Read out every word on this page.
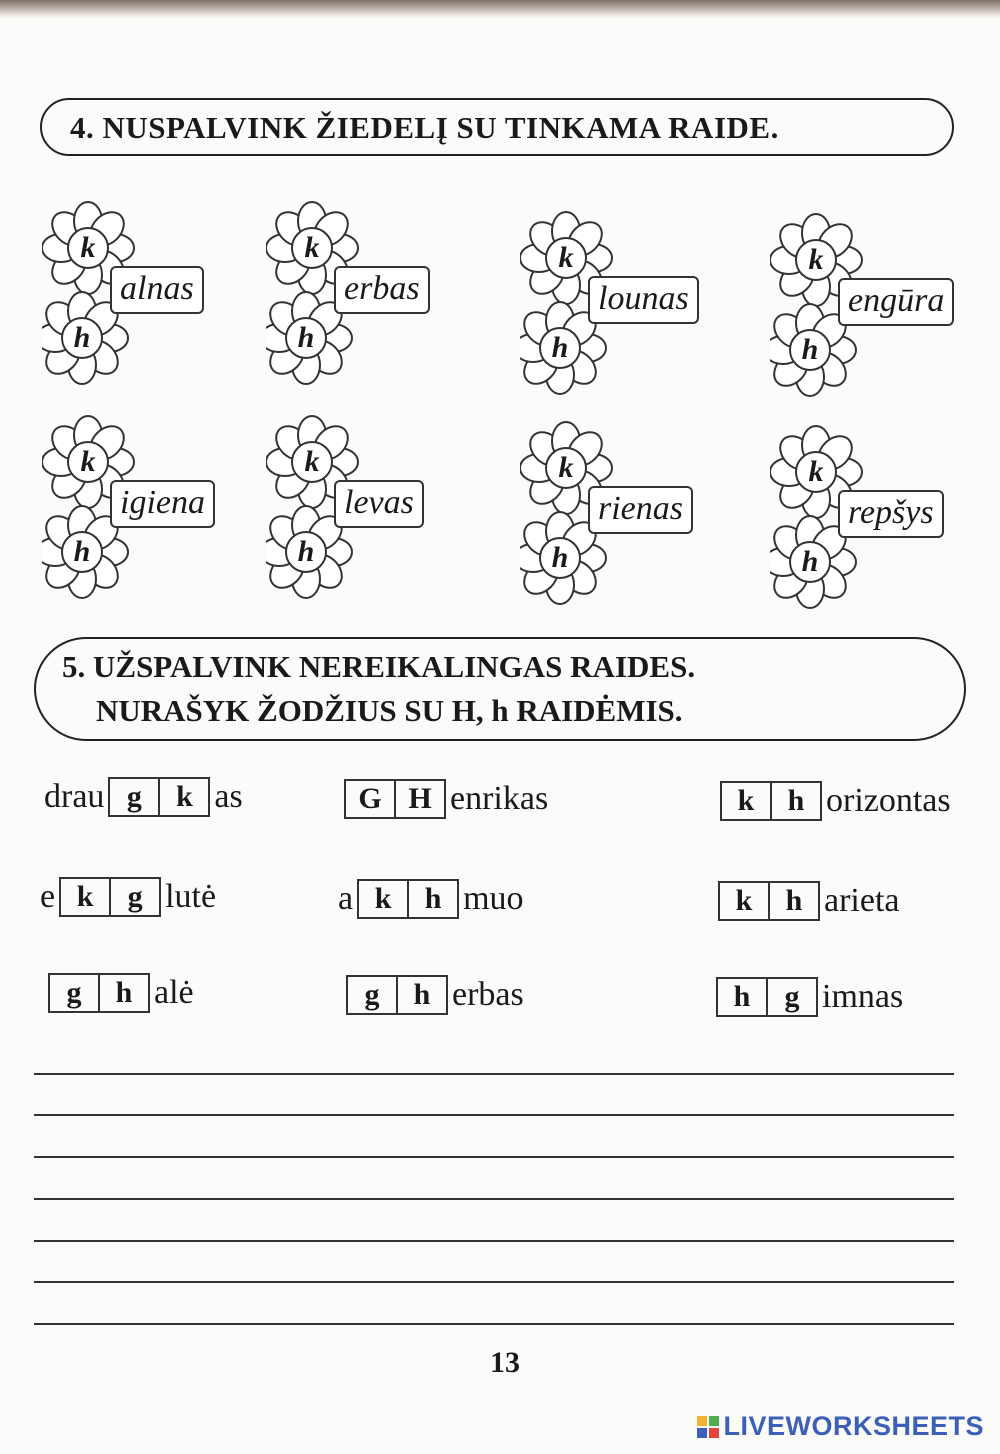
4. NUSPALVINK ŽIEDELĮ SU TINKAMA RAIDE.
k
h
alnas
k
h
erbas
k
h
lounas
k
h
engūra
k
h
igiena
k
h
levas
k
h
rienas
k
h
repšys
5. UŽSPALVINK NEREIKALINGAS RAIDES.
NURAŠYK ŽODŽIUS SU H, h RAIDĖMIS.
drau g	k as	G H enrikas	k	h orizontas
e k	g lutė	a k	h muo	k	h arieta
g	h alė	g	h erbas	h	g imnas
13
LIVEWORKSHEETS
